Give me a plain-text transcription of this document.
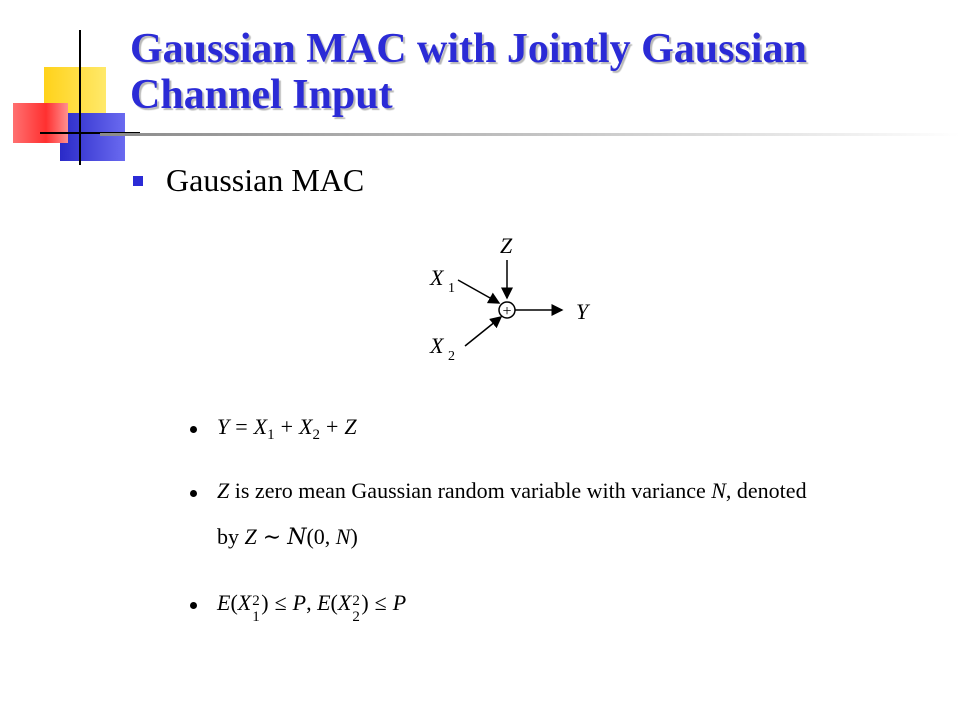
Gaussian MAC with Jointly Gaussian
Channel Input
Gaussian MAC
Z
X 1
X 2
+	Y
$Y = X_1 + X_2 + Z$
Z is zero mean Gaussian random variable with variance N, denoted
by Z ∼ N(0, N)
E(X 2
1
) ≤ P, E(X 2
2
) ≤ P
